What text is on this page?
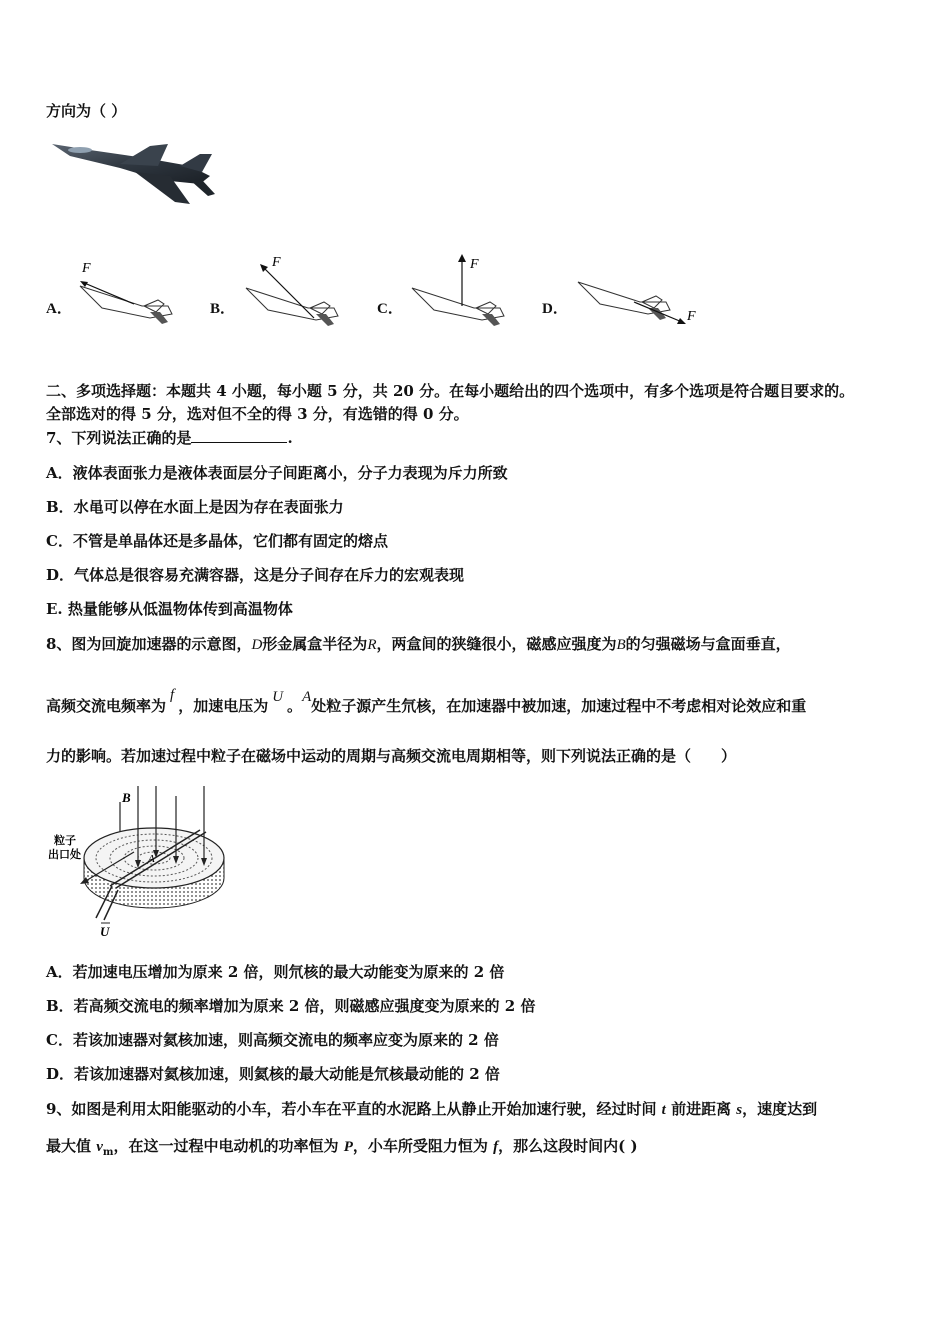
方向为（ ）
A．
F
B．
F
C．
F
D．	F
二、多项选择题：本题共 4 小题，每小题 5 分，共 20 分。在每小题给出的四个选项中，有多个选项是符合题目要求的。
全部选对的得 5 分，选对但不全的得 3 分，有选错的得 0 分。
7、下列说法正确的是	.
A．液体表面张力是液体表面层分子间距离小，分子力表现为斥力所致
B．水黾可以停在水面上是因为存在表面张力
C．不管是单晶体还是多晶体，它们都有固定的熔点
D．气体总是很容易充满容器，这是分子间存在斥力的宏观表现
E. 热量能够从低温物体传到高温物体
8、图为回旋加速器的示意图，D形金属盒半径为R，两盒间的狭缝很小，磁感应强度为B的匀强磁场与盒面垂直，
高频交流电频率为f，加速电压为 U 。A处粒子源产生氘核，在加速器中被加速，加速过程中不考虑相对论效应和重
力的影响。若加速过程中粒子在磁场中运动的周期与高频交流电周期相等，则下列说法正确的是（　　）
B
粒子
出口处	A
U
A．若加速电压增加为原来 2 倍，则氘核的最大动能变为原来的 2 倍
B．若高频交流电的频率增加为原来 2 倍，则磁感应强度变为原来的 2 倍
C．若该加速器对氦核加速，则高频交流电的频率应变为原来的 2 倍
D．若该加速器对氦核加速，则氦核的最大动能是氘核最动能的 2 倍
9、如图是利用太阳能驱动的小车，若小车在平直的水泥路上从静止开始加速行驶，经过时间 t 前进距离 s，速度达到
最大值 $v_m$，在这一过程中电动机的功率恒为 P，小车所受阻力恒为 f，那么这段时间内( )
